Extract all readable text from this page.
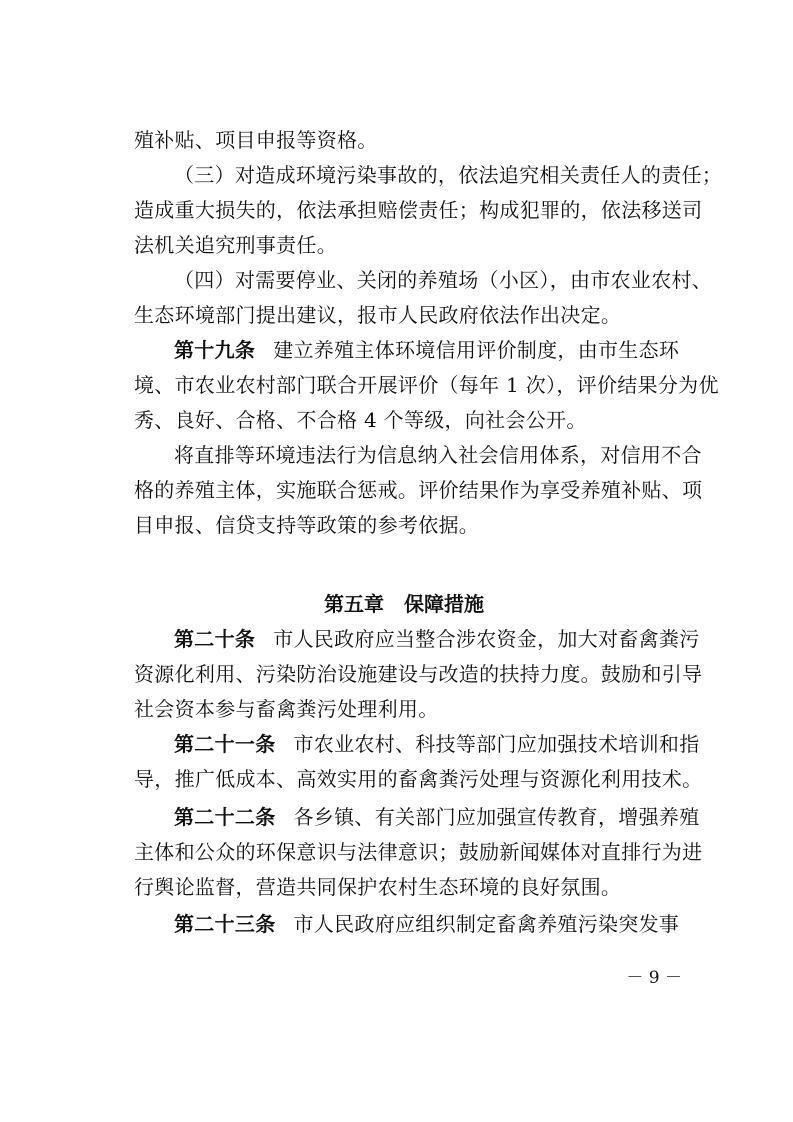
殖补贴、项目申报等资格。
（三）对造成环境污染事故的，依法追究相关责任人的责任；
造成重大损失的，依法承担赔偿责任；构成犯罪的，依法移送司
法机关追究刑事责任。
（四）对需要停业、关闭的养殖场（小区），由市农业农村、
生态环境部门提出建议，报市人民政府依法作出决定。
第十九条 建立养殖主体环境信用评价制度，由市生态环
境、市农业农村部门联合开展评价（每年 1 次），评价结果分为优
秀、良好、合格、不合格 4 个等级，向社会公开。
将直排等环境违法行为信息纳入社会信用体系，对信用不合
格的养殖主体，实施联合惩戒。评价结果作为享受养殖补贴、项
目申报、信贷支持等政策的参考依据。
第五章　保障措施
第二十条 市人民政府应当整合涉农资金，加大对畜禽粪污
资源化利用、污染防治设施建设与改造的扶持力度。鼓励和引导
社会资本参与畜禽粪污处理利用。
第二十一条 市农业农村、科技等部门应加强技术培训和指
导，推广低成本、高效实用的畜禽粪污处理与资源化利用技术。
第二十二条 各乡镇、有关部门应加强宣传教育，增强养殖
主体和公众的环保意识与法律意识；鼓励新闻媒体对直排行为进
行舆论监督，营造共同保护农村生态环境的良好氛围。
第二十三条 市人民政府应组织制定畜禽养殖污染突发事
－ 9 －
